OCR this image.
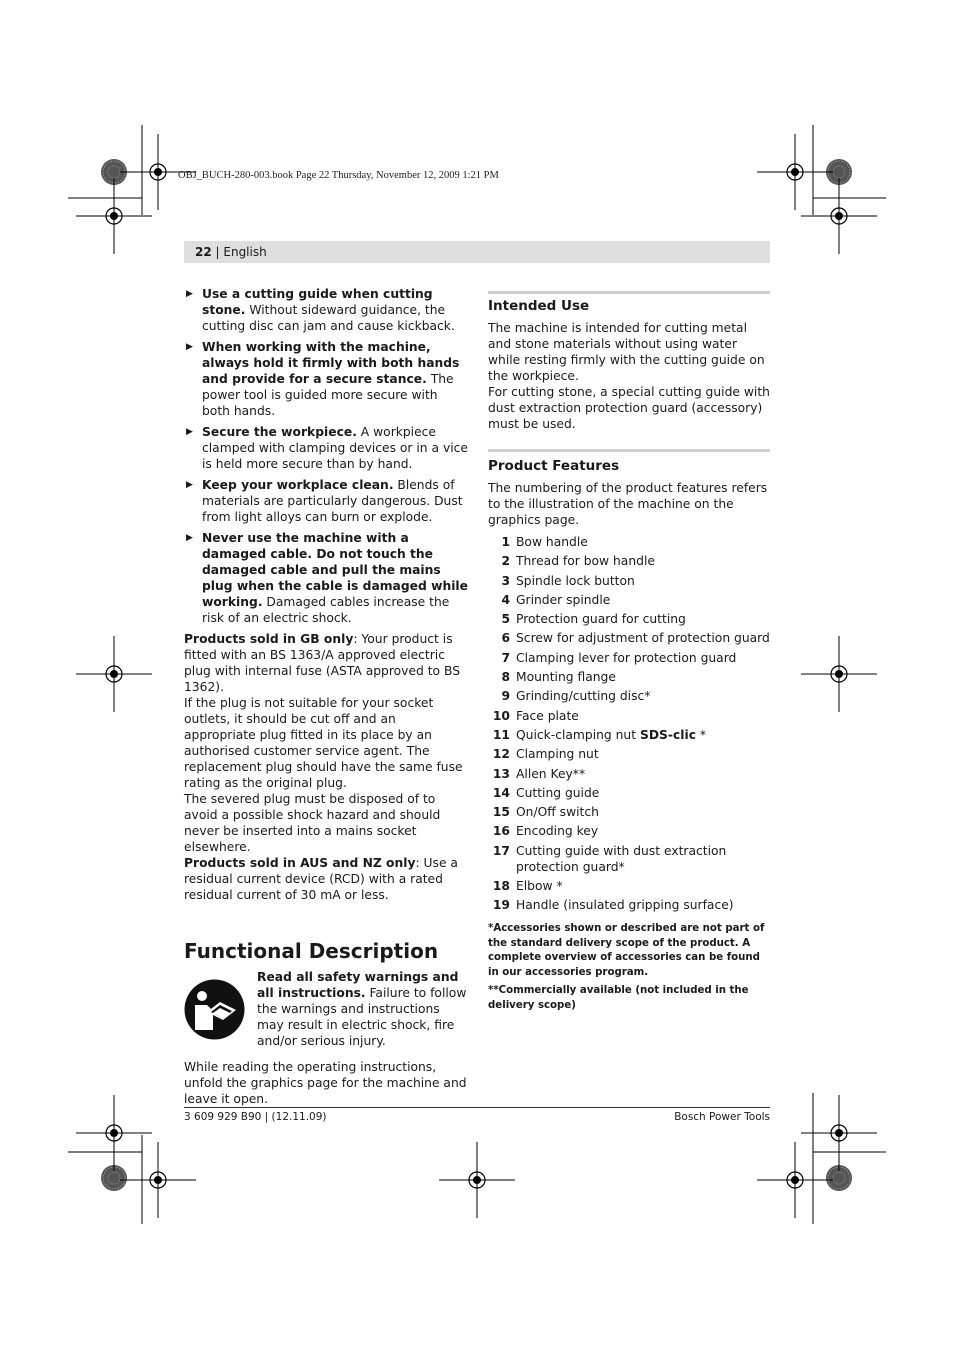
OBJ_BUCH-280-003.book Page 22 Thursday, November 12, 2009 1:21 PM
22 | English
▶ Use a cutting guide when cutting stone. Without sideward guidance, the cutting disc can jam and cause kickback.
▶ When working with the machine, always hold it firmly with both hands and provide for a secure stance. The power tool is guided more secure with both hands.
▶ Secure the workpiece. A workpiece clamped with clamping devices or in a vice is held more secure than by hand.
▶ Keep your workplace clean. Blends of materials are particularly dangerous. Dust from light alloys can burn or explode.
▶ Never use the machine with a damaged cable. Do not touch the damaged cable and pull the mains plug when the cable is damaged while working. Damaged cables increase the risk of an electric shock.

Products sold in GB only: Your product is fitted with an BS 1363/A approved electric plug with internal fuse (ASTA approved to BS 1362).

If the plug is not suitable for your socket outlets, it should be cut off and an appropriate plug fitted in its place by an authorised customer service agent. The replacement plug should have the same fuse rating as the original plug.

The severed plug must be disposed of to avoid a possible shock hazard and should never be inserted into a mains socket elsewhere.

Products sold in AUS and NZ only: Use a residual current device (RCD) with a rated residual current of 30 mA or less.

Functional Description

Read all safety warnings and all instructions. Failure to follow the warnings and instructions may result in electric shock, fire and/or serious injury.

While reading the operating instructions, unfold the graphics page for the machine and leave it open.

Intended Use

The machine is intended for cutting metal and stone materials without using water while resting firmly with the cutting guide on the workpiece.

For cutting stone, a special cutting guide with dust extraction protection guard (accessory) must be used.

Product Features

The numbering of the product features refers to the illustration of the machine on the graphics page.

1 Bow handle
2 Thread for bow handle
3 Spindle lock button
4 Grinder spindle
5 Protection guard for cutting
6 Screw for adjustment of protection guard
7 Clamping lever for protection guard
8 Mounting flange
9 Grinding/cutting disc*
10 Face plate
11 Quick-clamping nut SDS-clic *
12 Clamping nut
13 Allen Key**
14 Cutting guide
15 On/Off switch
16 Encoding key
17 Cutting guide with dust extraction protection guard*
18 Elbow *
19 Handle (insulated gripping surface)

*Accessories shown or described are not part of the standard delivery scope of the product. A complete overview of accessories can be found in our accessories program.

**Commercially available (not included in the delivery scope)

3 609 929 B90 | (12.11.09)	Bosch Power Tools
